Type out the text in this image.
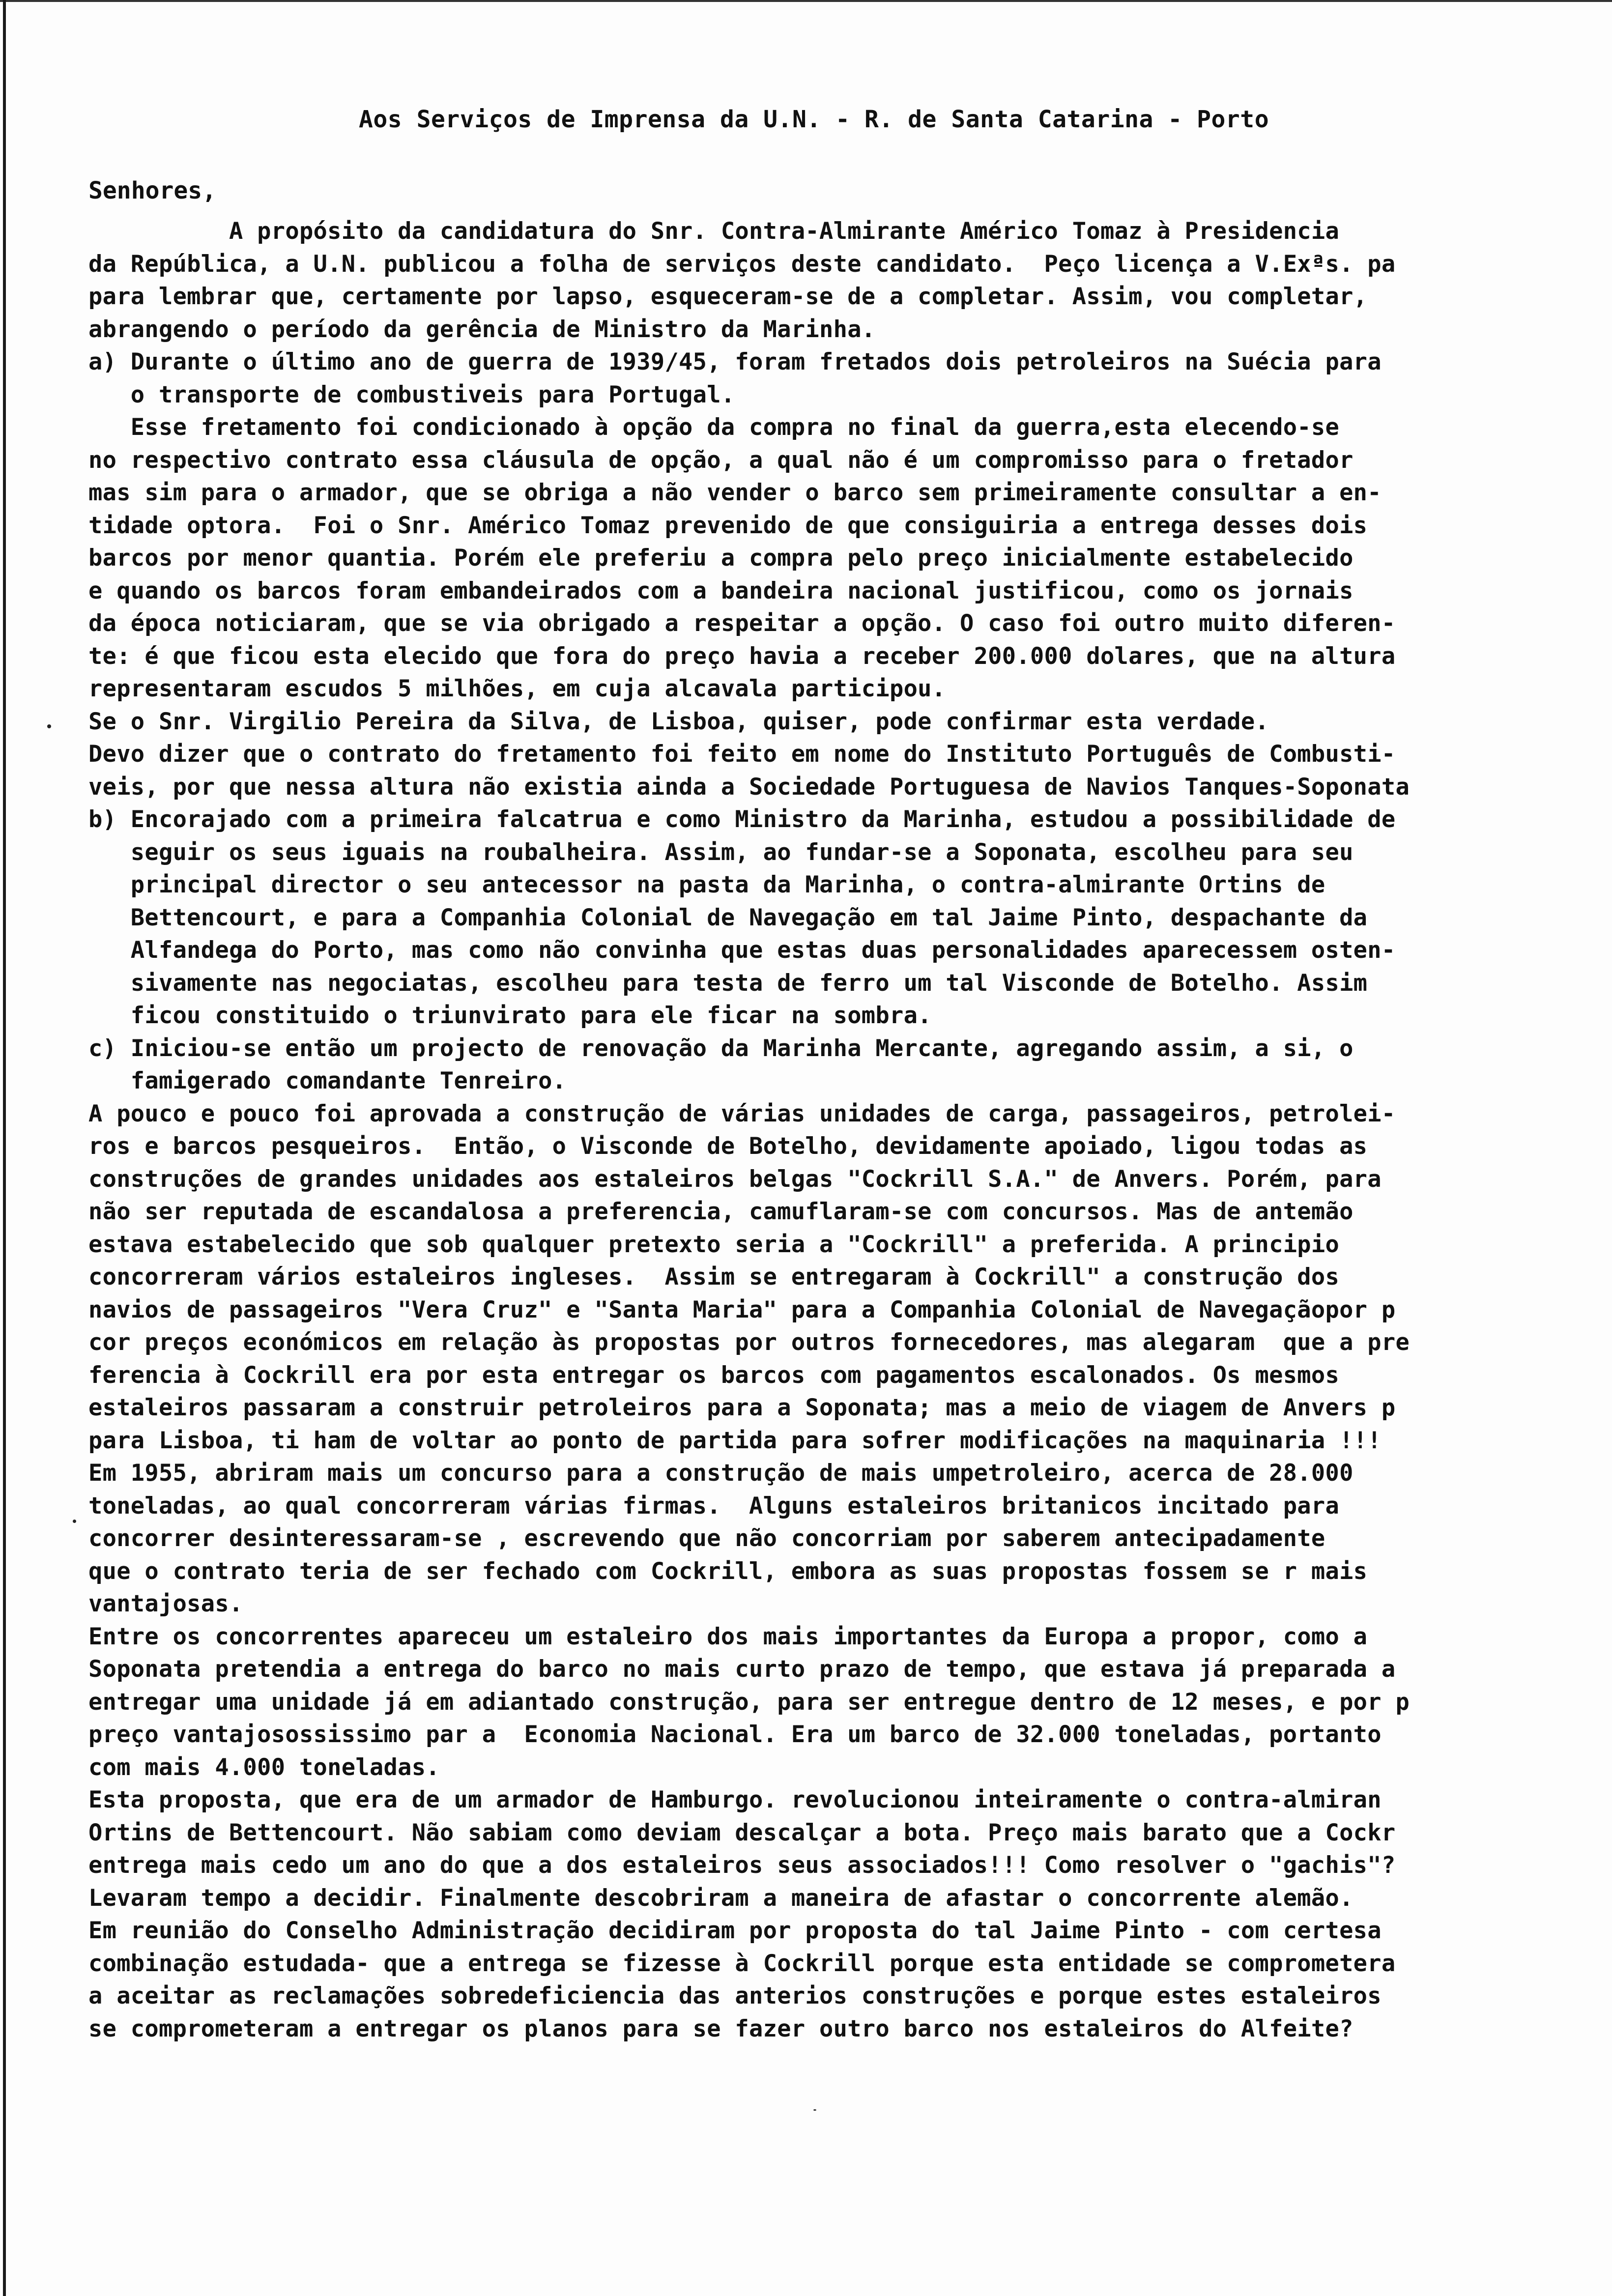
Aos Serviços de Imprensa da U.N. - R. de Santa Catarina - Porto
Senhores,
A propósito da candidatura do Snr. Contra-Almirante Américo Tomaz à Presidencia
da República, a U.N. publicou a folha de serviços deste candidato.  Peço licença a V.Exªs. pa
para lembrar que, certamente por lapso, esqueceram-se de a completar. Assim, vou completar,
abrangendo o período da gerência de Ministro da Marinha.
a) Durante o último ano de guerra de 1939/45, foram fretados dois petroleiros na Suécia para
o transporte de combustiveis para Portugal.
Esse fretamento foi condicionado à opção da compra no final da guerra,esta elecendo-se
no respectivo contrato essa cláusula de opção, a qual não é um compromisso para o fretador
mas sim para o armador, que se obriga a não vender o barco sem primeiramente consultar a en-
tidade optora.  Foi o Snr. Américo Tomaz prevenido de que consiguiria a entrega desses dois
barcos por menor quantia. Porém ele preferiu a compra pelo preço inicialmente estabelecido
e quando os barcos foram embandeirados com a bandeira nacional justificou, como os jornais
da época noticiaram, que se via obrigado a respeitar a opção. O caso foi outro muito diferen-
te: é que ficou esta elecido que fora do preço havia a receber 200.000 dolares, que na altura
representaram escudos 5 milhões, em cuja alcavala participou.
Se o Snr. Virgilio Pereira da Silva, de Lisboa, quiser, pode confirmar esta verdade.
Devo dizer que o contrato do fretamento foi feito em nome do Instituto Português de Combusti-
veis, por que nessa altura não existia ainda a Sociedade Portuguesa de Navios Tanques-Soponata
b) Encorajado com a primeira falcatrua e como Ministro da Marinha, estudou a possibilidade de
seguir os seus iguais na roubalheira. Assim, ao fundar-se a Soponata, escolheu para seu
principal director o seu antecessor na pasta da Marinha, o contra-almirante Ortins de
Bettencourt, e para a Companhia Colonial de Navegação em tal Jaime Pinto, despachante da
Alfandega do Porto, mas como não convinha que estas duas personalidades aparecessem osten-
sivamente nas negociatas, escolheu para testa de ferro um tal Visconde de Botelho. Assim
ficou constituido o triunvirato para ele ficar na sombra.
c) Iniciou-se então um projecto de renovação da Marinha Mercante, agregando assim, a si, o
famigerado comandante Tenreiro.
A pouco e pouco foi aprovada a construção de várias unidades de carga, passageiros, petrolei-
ros e barcos pesqueiros.  Então, o Visconde de Botelho, devidamente apoiado, ligou todas as
construções de grandes unidades aos estaleiros belgas "Cockrill S.A." de Anvers. Porém, para
não ser reputada de escandalosa a preferencia, camuflaram-se com concursos. Mas de antemão
estava estabelecido que sob qualquer pretexto seria a "Cockrill" a preferida. A principio
concorreram vários estaleiros ingleses.  Assim se entregaram à Cockrill" a construção dos
navios de passageiros "Vera Cruz" e "Santa Maria" para a Companhia Colonial de Navegaçãopor p
cor preços económicos em relação às propostas por outros fornecedores, mas alegaram  que a pre
ferencia à Cockrill era por esta entregar os barcos com pagamentos escalonados. Os mesmos
estaleiros passaram a construir petroleiros para a Soponata; mas a meio de viagem de Anvers p
para Lisboa, ti ham de voltar ao ponto de partida para sofrer modificações na maquinaria !!!
Em 1955, abriram mais um concurso para a construção de mais umpetroleiro, acerca de 28.000
toneladas, ao qual concorreram várias firmas.  Alguns estaleiros britanicos incitado para
concorrer desinteressaram-se , escrevendo que não concorriam por saberem antecipadamente
que o contrato teria de ser fechado com Cockrill, embora as suas propostas fossem se r mais
vantajosas.
Entre os concorrentes apareceu um estaleiro dos mais importantes da Europa a propor, como a
Soponata pretendia a entrega do barco no mais curto prazo de tempo, que estava já preparada a
entregar uma unidade já em adiantado construção, para ser entregue dentro de 12 meses, e por p
preço vantajosossissimo par a  Economia Nacional. Era um barco de 32.000 toneladas, portanto
com mais 4.000 toneladas.
Esta proposta, que era de um armador de Hamburgo. revolucionou inteiramente o contra-almiran
Ortins de Bettencourt. Não sabiam como deviam descalçar a bota. Preço mais barato que a Cockr
entrega mais cedo um ano do que a dos estaleiros seus associados!!! Como resolver o "gachis"?
Levaram tempo a decidir. Finalmente descobriram a maneira de afastar o concorrente alemão.
Em reunião do Conselho Administração decidiram por proposta do tal Jaime Pinto - com certesa
combinação estudada- que a entrega se fizesse à Cockrill porque esta entidade se comprometera
a aceitar as reclamações sobredeficiencia das anterios construções e porque estes estaleiros
se comprometeram a entregar os planos para se fazer outro barco nos estaleiros do Alfeite?
